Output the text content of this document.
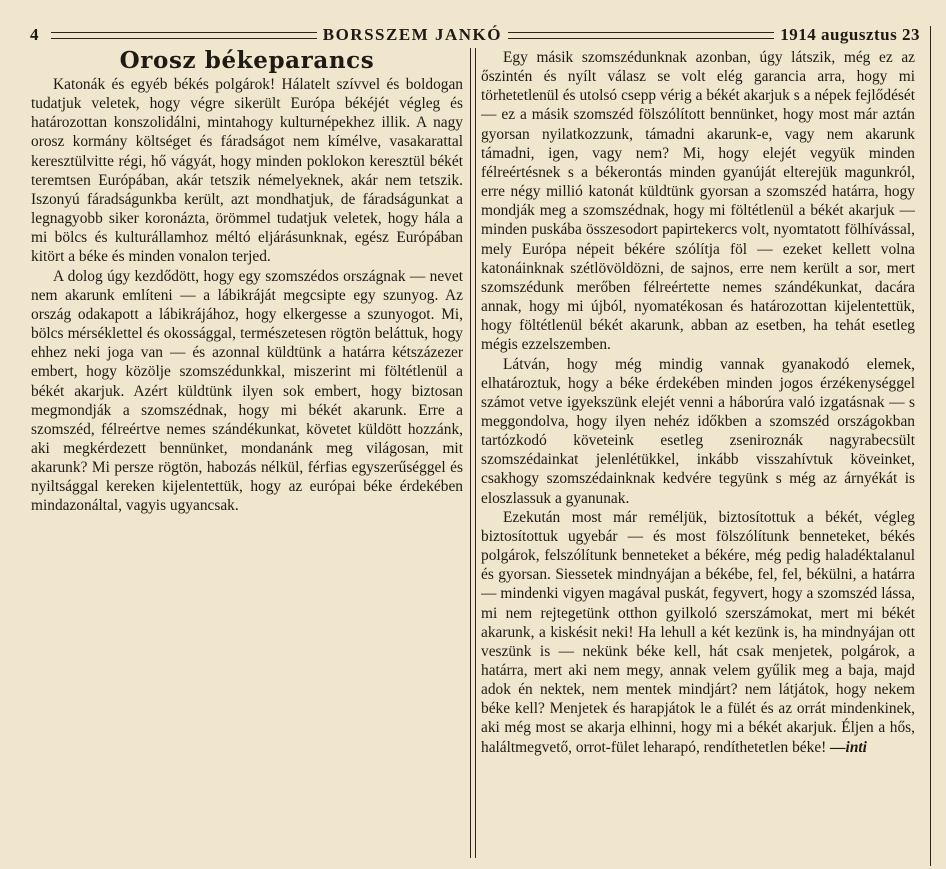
4	BORSSZEM JANKÓ	1914 augusztus 23
Orosz békeparancs

Katonák és egyéb békés polgárok! Hálatelt szívvel és boldogan tudatjuk veletek, hogy végre sikerült Európa békéjét végleg és határozottan konszolidálni, mintahogy kulturnépekhez illik. A nagy orosz kormány költséget és fáradságot nem kímélve, vasakarattal keresztülvitte régi, hő vágyát, hogy minden poklokon keresztül békét teremtsen Európában, akár tetszik némelyeknek, akár nem tetszik. Iszonyú fáradságunkba került, azt mondhatjuk, de fáradságunkat a legnagyobb siker koronázta, örömmel tudatjuk veletek, hogy hála a mi bölcs és kulturállamhoz méltó eljárásunknak, egész Európában kitört a béke és minden vonalon terjed.

A dolog úgy kezdődött, hogy egy szomszédos országnak — nevet nem akarunk említeni — a lábikráját megcsipte egy szunyog. Az ország odakapott a lábikrájához, hogy elkergesse a szunyogot. Mi, bölcs mérséklettel és okossággal, természetesen rögtön beláttuk, hogy ehhez neki joga van — és azonnal küldtünk a határra kétszázezer embert, hogy közölje szomszédunkkal, miszerint mi föltétlenül a békét akarjuk. Azért küldtünk ilyen sok embert, hogy biztosan megmondják a szomszédnak, hogy mi békét akarunk. Erre a szomszéd, félreértve nemes szándékunkat, követet küldött hozzánk, aki megkérdezett bennünket, mondanánk meg világosan, mit akarunk? Mi persze rögtön, habozás nélkül, férfias egyszerűséggel és nyiltsággal kereken kijelentettük, hogy az európai béke érdekében mindazonáltal, vagyis ugyancsak.

Egy másik szomszédunknak azonban, úgy látszik, még ez az őszintén és nyílt válasz se volt elég garancia arra, hogy mi törhetetlenül és utolsó csepp vérig a békét akarjuk s a népek fejlődését — ez a másik szomszéd fölszólított bennünket, hogy most már aztán gyorsan nyilatkozzunk, támadni akarunk-e, vagy nem akarunk támadni, igen, vagy nem? Mi, hogy elejét vegyük minden félreértésnek s a békerontás minden gyanúját elterejük magunkról, erre négy millió katonát küldtünk gyorsan a szomszéd határra, hogy mondják meg a szomszédnak, hogy mi föltétlenül a békét akarjuk — minden puskába összesodort papirtekercs volt, nyomtatott fölhívással, mely Európa népeit békére szólítja föl — ezeket kellett volna katonáinknak szétlövöldözni, de sajnos, erre nem került a sor, mert szomszédunk merőben félreértette nemes szándékunkat, dacára annak, hogy mi újból, nyomatékosan és határozottan kijelentettük, hogy föltétlenül békét akarunk, abban az esetben, ha tehát esetleg mégis ezzelszemben.

Látván, hogy még mindig vannak gyanakodó elemek, elhatároztuk, hogy a béke érdekében minden jogos érzékenységgel számot vetve igyekszünk elejét venni a háborúra való izgatásnak — s meggondolva, hogy ilyen nehéz időkben a szomszéd országokban tartózkodó követeink esetleg zseniroznák nagyrabecsült szomszédainkat jelenlétükkel, inkább visszahívtuk köveinket, csakhogy szomszédainknak kedvére tegyünk s még az árnyékát is eloszlassuk a gyanunak.

Ezekután most már reméljük, biztosítottuk a békét, végleg biztosítottuk ugyebár — és most fölszólítunk benneteket, békés polgárok, felszólítunk benneteket a békére, még pedig haladéktalanul és gyorsan. Siessetek mindnyájan a békébe, fel, fel, békülni, a határra — mindenki vigyen magával puskát, fegyvert, hogy a szomszéd lássa, mi nem rejtegetünk otthon gyilkoló szerszámokat, mert mi békét akarunk, a kiskésit neki! Ha lehull a két kezünk is, ha mindnyájan ott veszünk is — nekünk béke kell, hát csak menjetek, polgárok, a határra, mert aki nem megy, annak velem gyűlik meg a baja, majd adok én nektek, nem mentek mindjárt? nem látjátok, hogy nekem béke kell? Menjetek és harapjátok le a fülét és az orrát mindenkinek, aki még most se akarja elhinni, hogy mi a békét akarjuk. Éljen a hős, haláltmegvető, orrot-fület leharapó, rendíthetetlen béke! —inti
